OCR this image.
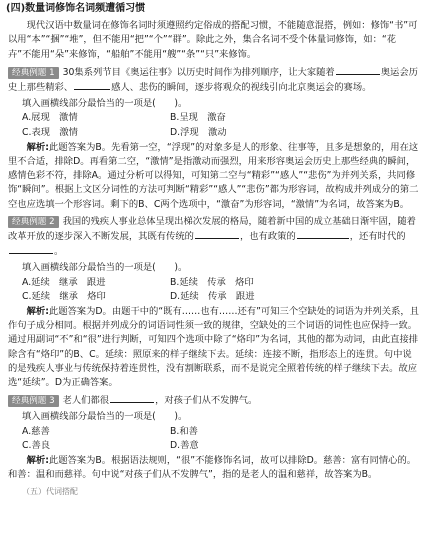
(四)数量词修饰名词频遭循习惯

现代汉语中数量词在修饰名词时须遵照约定俗成的搭配习惯，不能随意混搭，例如：修饰“书”可以用“本”“捆”“堆”，但不能用“把”“个”“群”。除此之外，集合名词不受个体量词修饰，如：“花卉”不能用“朵”来修饰，“船舶”不能用“艘”“条”“只”来修饰。

经典例题 1 30集系列节目《奥运往事》以历史时间作为排列顺序，让大家随着	奥运会历史上那些精彩、	感人、悲伤的瞬间，逐步将观众的视线引向北京奥运会的赛场。

填入画横线部分最恰当的一项是(　　)。
A.展现　激情	B.呈现　激奋
C.表现　激情	D.浮现　激动

解析:此题答案为B。先看第一空，“浮现”的对象多是人的形象、往事等，且多是想象的，用在这里不合适，排除D。再看第二空，“激情”是指激动而强烈，用来形容奥运会历史上那些经典的瞬间，感情色彩不符，排除A。通过分析可以得知，可知第二空与“精彩”“感人”“悲伤”为并列关系，共同修饰“瞬间”。根据上文区分词性的方法可判断“精彩”“感人”“悲伤”都为形容词，故构成并列成分的第二空也应选填一个形容词。剩下的B、C两个选项中，“激奋”为形容词，“激情”为名词，故答案为B。

经典例题 2 我国的残疾人事业总体呈现出梯次发展的格局，随着新中国的成立基础日渐牢固，随着改革开放的逐步深入不断发展，其既有传统的	，也有政策的	，还有时代的。

填入画横线部分最恰当的一项是(　　)。
A.延续　继承　跟进	B.延续　传承　烙印
C.延续　继承　烙印	D.延续　传承　跟进

解析:此题答案为D。由题干中的“既有……也有……还有”可知三个空缺处的词语为并列关系，且作句子成分相同。根据并列成分的词语词性须一致的规律，空缺处的三个词语的词性也应保持一致。通过用副词“不”和“很”进行判断，可知四个选项中除了“烙印”为名词，其他的都为动词，由此直接排除含有“烙印”的B、C。延续：照原来的样子继续下去。延续：连接不断，指形态上的连贯。句中说的是残疾人事业与传统保持着连贯性，没有割断联系，而不是说完全照着传统的样子继续下去。故应选“延续”。D为正确答案。

经典例题 3 老人们都很	，对孩子们从不发脾气。

填入画横线部分最恰当的一项是(　　)。
A.慈善	B.和善
C.善良	D.善意

解析:此题答案为B。根据语法规则，“很”不能修饰名词，故可以排除D。慈善：富有同情心的。和善：温和而慈祥。句中说“对孩子们从不发脾气”，指的是老人的温和慈祥，故答案为B。

（五）代词搭配
